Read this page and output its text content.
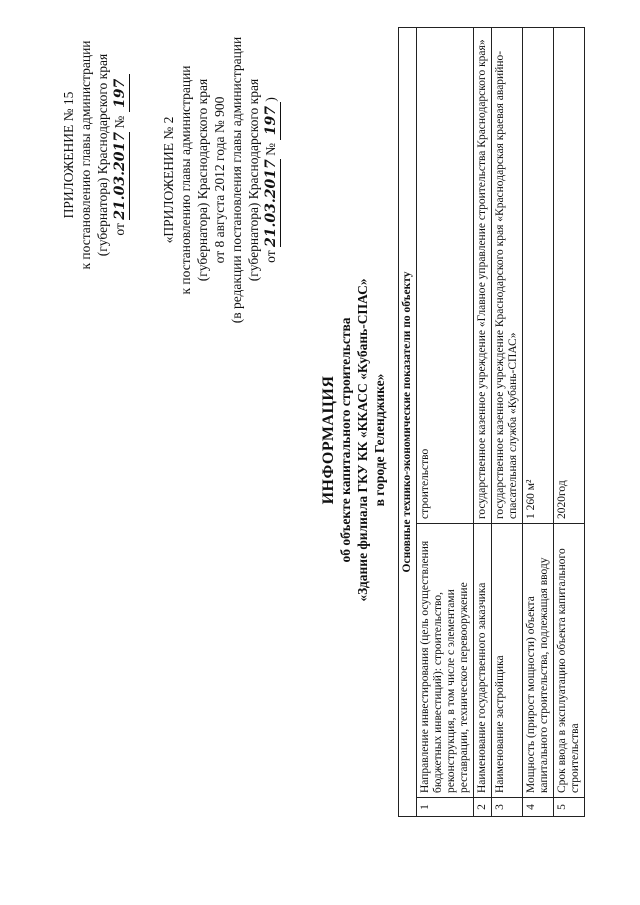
ПРИЛОЖЕНИЕ № 15 к постановлению главы администрации (губернатора) Краснодарского края от 21.03.2017 № 197
«ПРИЛОЖЕНИЕ № 2 к постановлению главы администрации (губернатора) Краснодарского края от 8 августа 2012 года № 900 (в редакции постановления главы администрации (губернатора) Краснодарского края от 21.03.2017 № 197)
ИНФОРМАЦИЯ об объекте капитального строительства «Здание филиала ГКУ КК «ККАСС «Кубань-СПАС» в городе Геленджике» Основные технико-экономические показатели по объекту		
1	Направление инвестирования (цель осуществления бюджетных инвестиций): строительство, реконструкция, в том числе с элементами реставрации, техническое перевооружение	строительство
2	Наименование государственного заказчика	государственное казенное учреждение «Главное управление строительства Краснодарского края»
3	Наименование застройщика	государственное казенное учреждение Краснодарского края «Краснодарская краевая аварийно-спасательная служба «Кубань-СПАС»
4	Мощность (прирост мощности) объекта капитального строительства, подлежащая вводу	1 260 м²
5	Срок ввода в эксплуатацию объекта капитального строительства	2020год
